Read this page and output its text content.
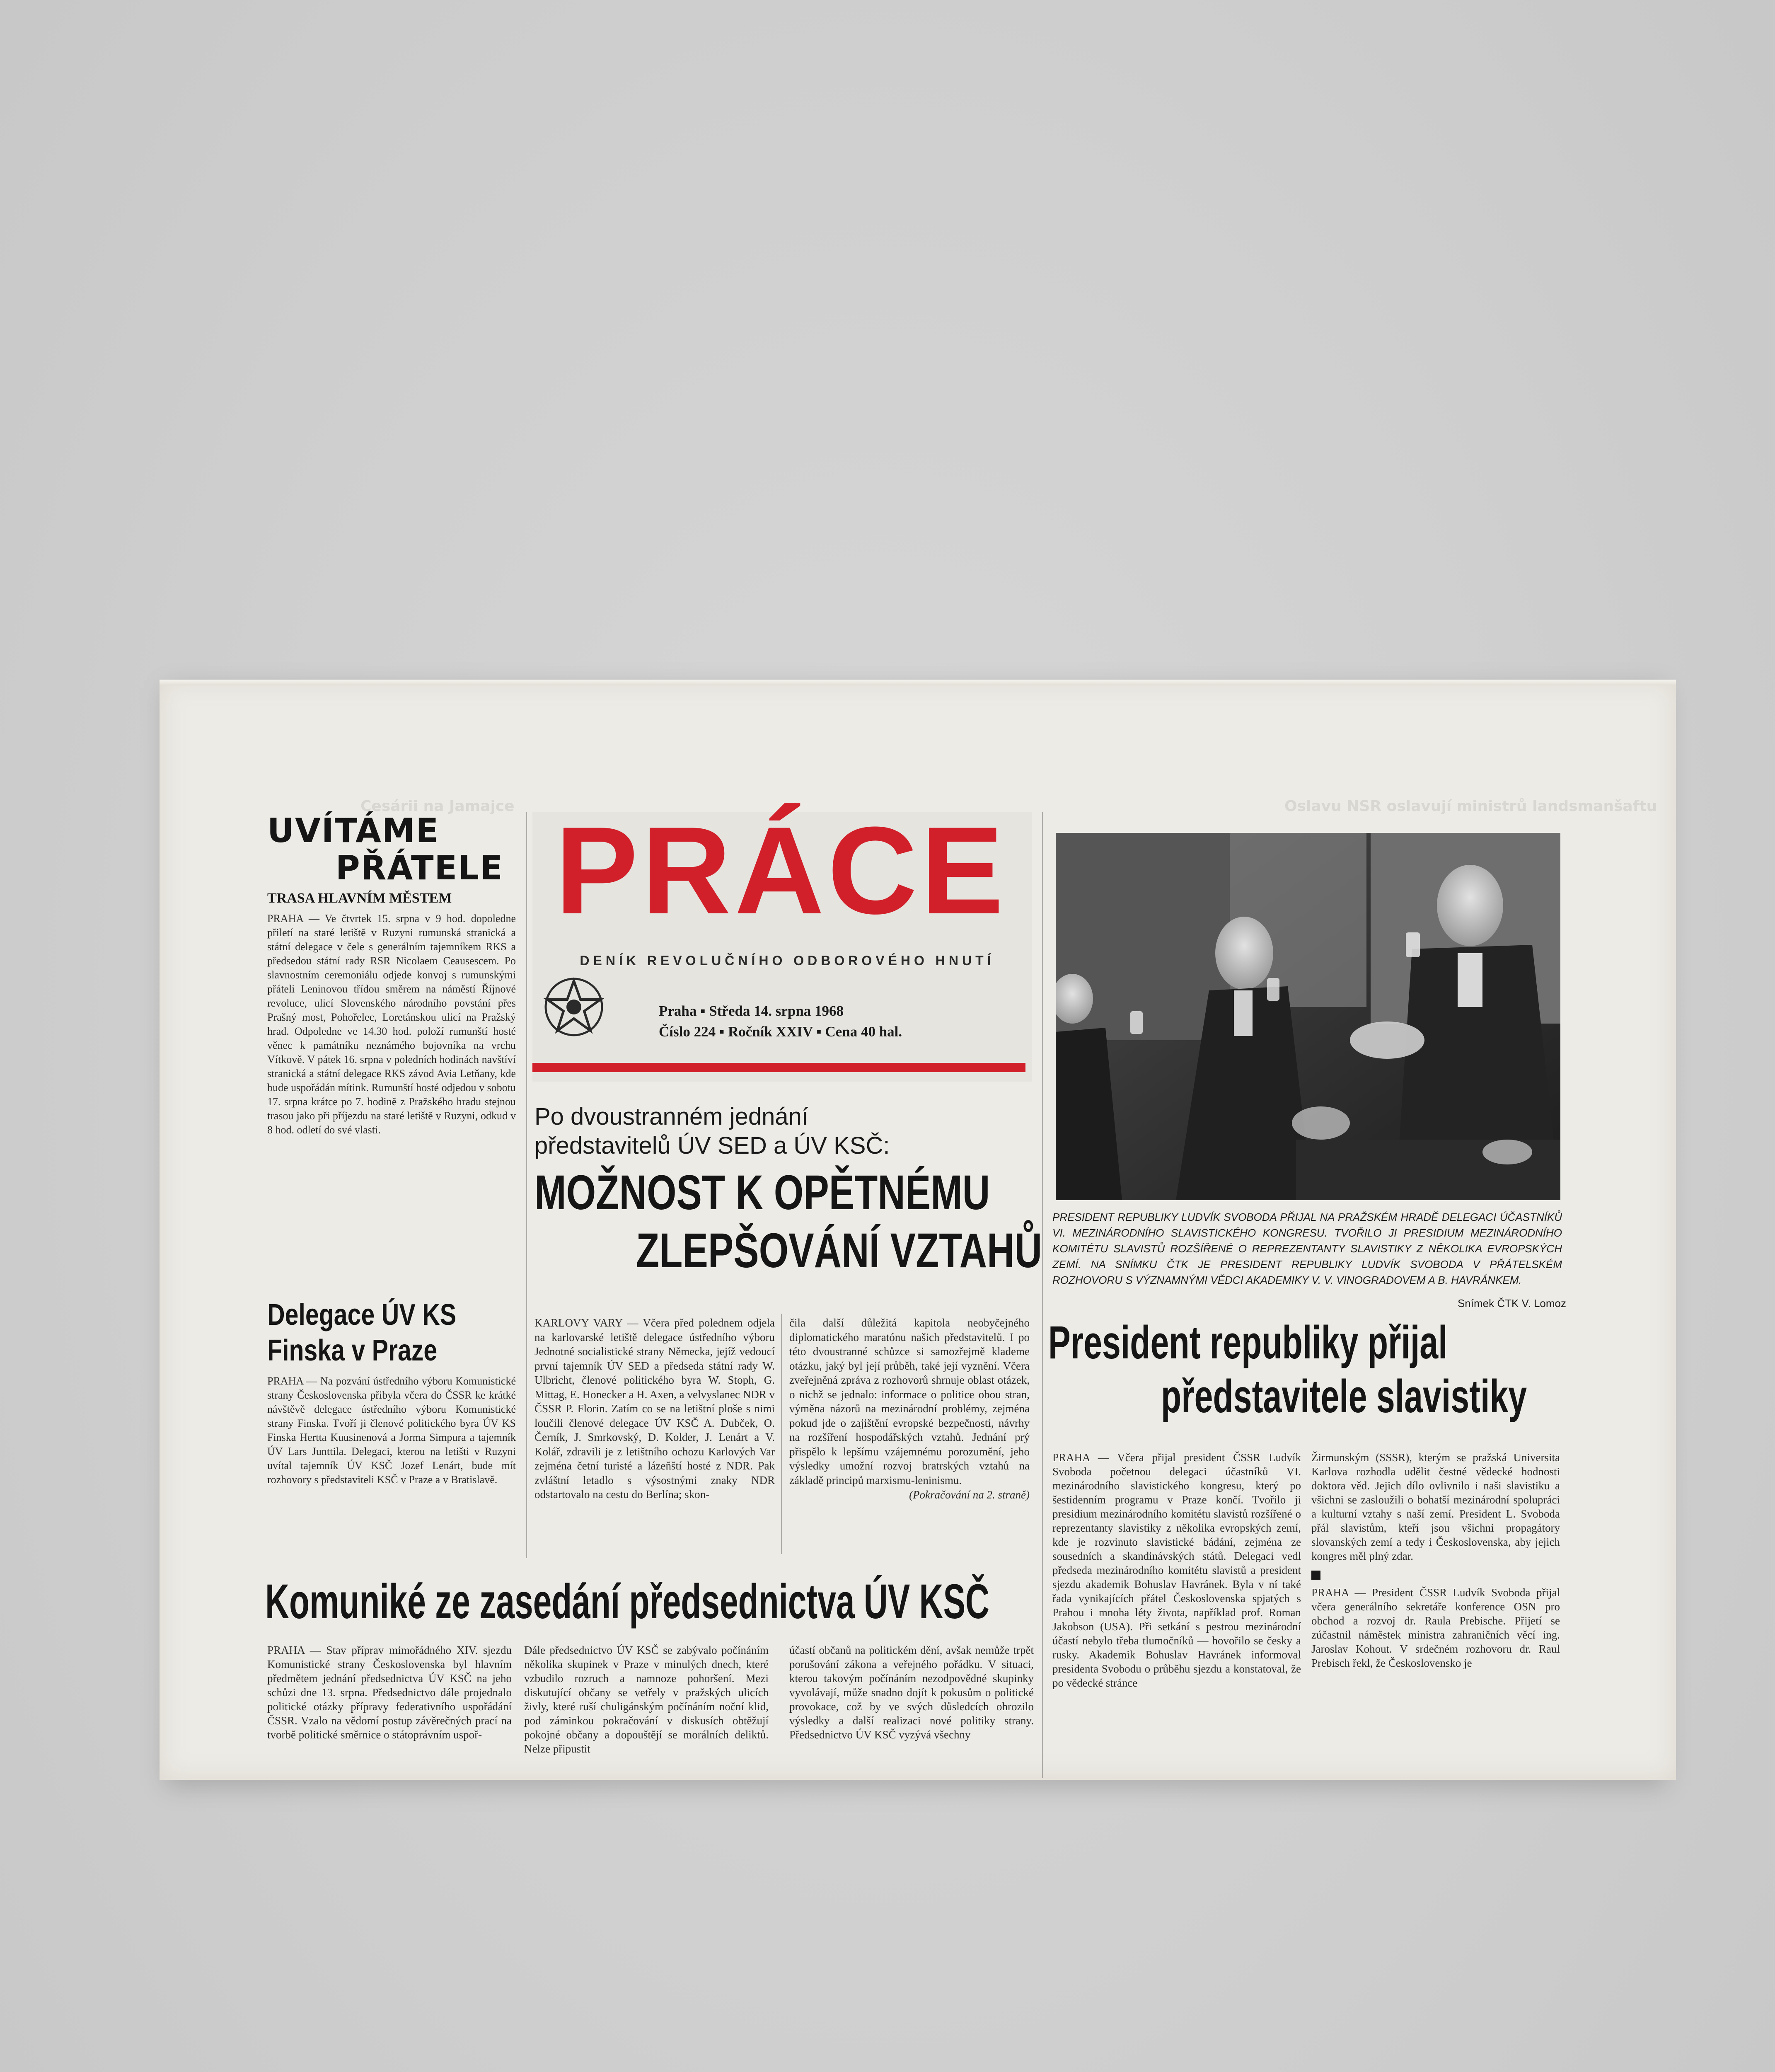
Cesárii na Jamajce	Oslavu NSR oslavují ministrů landsmanšaftu
UVÍTÁME
PŘÁTELE
TRASA HLAVNÍM MĚSTEM

PRAHA — Ve čtvrtek 15. srpna v 9 hod. dopoledne přiletí na staré letiště v Ruzyni rumunská stranická a státní delegace v čele s generálním tajemníkem RKS a předsedou státní rady RSR Nicolaem Ceausescem. Po slavnostním ceremoniálu odjede konvoj s rumunskými přáteli Leninovou třídou směrem na náměstí Říjnové revoluce, ulicí Slovenského národního povstání přes Prašný most, Pohořelec, Loretánskou ulicí na Pražský hrad. Odpoledne ve 14.30 hod. položí rumunští hosté věnec k památníku neznámého bojovníka na vrchu Vítkově. V pátek 16. srpna v poledních hodinách navštíví stranická a státní delegace RKS závod Avia Letňany, kde bude uspořádán mítink. Rumunští hosté odjedou v sobotu 17. srpna krátce po 7. hodině z Pražského hradu stejnou trasou jako při příjezdu na staré letiště v Ruzyni, odkud v 8 hod. odletí do své vlasti.

Delegace ÚV KS
Finska v Praze

PRAHA — Na pozvání ústředního výboru Komunistické strany Československa přibyla včera do ČSSR ke krátké návštěvě delegace ústředního výboru Komunistické strany Finska. Tvoří ji členové politického byra ÚV KS Finska Hertta Kuusinenová a Jorma Simpura a tajemník ÚV Lars Junttila. Delegaci, kterou na letišti v Ruzyni uvítal tajemník ÚV KSČ Jozef Lenárt, bude mít rozhovory s představiteli KSČ v Praze a v Bratislavě.

PRÁCE
DENÍK REVOLUČNÍHO ODBOROVÉHO HNUTÍ
Praha ▪ Středa 14. srpna 1968
Číslo 224 ▪ Ročník XXIV ▪ Cena 40 hal.
Po dvoustranném jednání
představitelů ÚV SED a ÚV KSČ:
MOŽNOST K OPĚTNÉMU
ZLEPŠOVÁNÍ VZTAHŮ

KARLOVY VARY — Včera před polednem odjela na karlovarské letiště delegace ústředního výboru Jednotné socialistické strany Německa, jejíž vedoucí první tajemník ÚV SED a předseda státní rady W. Ulbricht, členové politického byra W. Stoph, G. Mittag, E. Honecker a H. Axen, a velvyslanec NDR v ČSSR P. Florin. Zatím co se na letištní ploše s nimi loučili členové delegace ÚV KSČ A. Dubček, O. Černík, J. Smrkovský, D. Kolder, J. Lenárt a V. Kolář, zdravili je z letištního ochozu Karlových Var zejména četní turisté a lázeňští hosté z NDR. Pak zvláštní letadlo s výsostnými znaky NDR odstartovalo na cestu do Berlína; skon-

čila další důležitá kapitola neobyčejného diplomatického maratónu našich představitelů. I po této dvoustranné schůzce si samozřejmě klademe otázku, jaký byl její průběh, také její vyznění. Včera zveřejněná zpráva z rozhovorů shrnuje oblast otázek, o nichž se jednalo: informace o politice obou stran, výměna názorů na mezinárodní problémy, zejména pokud jde o zajištění evropské bezpečnosti, návrhy na rozšíření hospodářských vztahů. Jednání prý přispělo k lepšímu vzájemnému porozumění, jeho výsledky umožní rozvoj bratrských vztahů na základě principů marxismu-leninismu.

(Pokračování na 2. straně)

PRESIDENT REPUBLIKY LUDVÍK SVOBODA PŘIJAL NA PRAŽSKÉM HRADĚ DELEGACI ÚČASTNÍKŮ VI. MEZINÁRODNÍHO SLAVISTICKÉHO KONGRESU. TVOŘILO JI PRESIDIUM MEZINÁRODNÍHO KOMITÉTU SLAVISTŮ ROZŠÍŘENÉ O REPREZENTANTY SLAVISTIKY Z NĚKOLIKA EVROPSKÝCH ZEMÍ. NA SNÍMKU ČTK JE PRESIDENT REPUBLIKY LUDVÍK SVOBODA V PŘÁTELSKÉM ROZHOVORU S VÝZNAMNÝMI VĚDCI AKADEMIKY V. V. VINOGRADOVEM A B. HAVRÁNKEM.
Snímek ČTK V. Lomoz
President republiky přijal
představitele slavistiky

PRAHA — Včera přijal president ČSSR Ludvík Svoboda početnou delegaci účastníků VI. mezinárodního slavistického kongresu, který po šestidenním programu v Praze končí. Tvořilo ji presidium mezinárodního komitétu slavistů rozšířené o reprezentanty slavistiky z několika evropských zemí, kde je rozvinuto slavistické bádání, zejména ze sousedních a skandinávských států. Delegaci vedl předseda mezinárodního komitétu slavistů a president sjezdu akademik Bohuslav Havránek. Byla v ní také řada vynikajících přátel Československa spjatých s Prahou i mnoha léty života, například prof. Roman Jakobson (USA). Při setkání s pestrou mezinárodní účastí nebylo třeba tlumočníků — hovořilo se česky a rusky. Akademik Bohuslav Havránek informoval presidenta Svobodu o průběhu sjezdu a konstatoval, že po vědecké stránce

Žirmunským (SSSR), kterým se pražská Universita Karlova rozhodla udělit čestné vědecké hodnosti doktora věd. Jejich dílo ovlivnilo i naši slavistiku a všichni se zasloužili o bohatší mezinárodní spolupráci a kulturní vztahy s naší zemí. President L. Svoboda přál slavistům, kteří jsou všichni propagátory slovanských zemí a tedy i Československa, aby jejich kongres měl plný zdar.

PRAHA — President ČSSR Ludvík Svoboda přijal včera generálního sekretáře konference OSN pro obchod a rozvoj dr. Raula Prebische. Přijetí se zúčastnil náměstek ministra zahraničních věcí ing. Jaroslav Kohout. V srdečném rozhovoru dr. Raul Prebisch řekl, že Československo je

Komuniké ze zasedání předsednictva ÚV KSČ

PRAHA — Stav příprav mimořádného XIV. sjezdu Komunistické strany Československa byl hlavním předmětem jednání předsednictva ÚV KSČ na jeho schůzi dne 13. srpna. Předsednictvo dále projednalo politické otázky přípravy federativního uspořádání ČSSR. Vzalo na vědomí postup závěrečných prací na tvorbě politické směrnice o státoprávním uspoř-

Dále předsednictvo ÚV KSČ se zabývalo počínáním několika skupinek v Praze v minulých dnech, které vzbudilo rozruch a namnoze pohoršení. Mezi diskutující občany se vetřely v pražských ulicích živly, které ruší chuligánským počínáním noční klid, pod záminkou pokračování v diskusích obtěžují pokojné občany a dopouštějí se morálních deliktů. Nelze připustit

účastí občanů na politickém dění, avšak nemůže trpět porušování zákona a veřejného pořádku. V situaci, kterou takovým počínáním nezodpovědné skupinky vyvolávají, může snadno dojít k pokusům o politické provokace, což by ve svých důsledcích ohrozilo výsledky a další realizaci nové politiky strany. Předsednictvo ÚV KSČ vyzývá všechny
